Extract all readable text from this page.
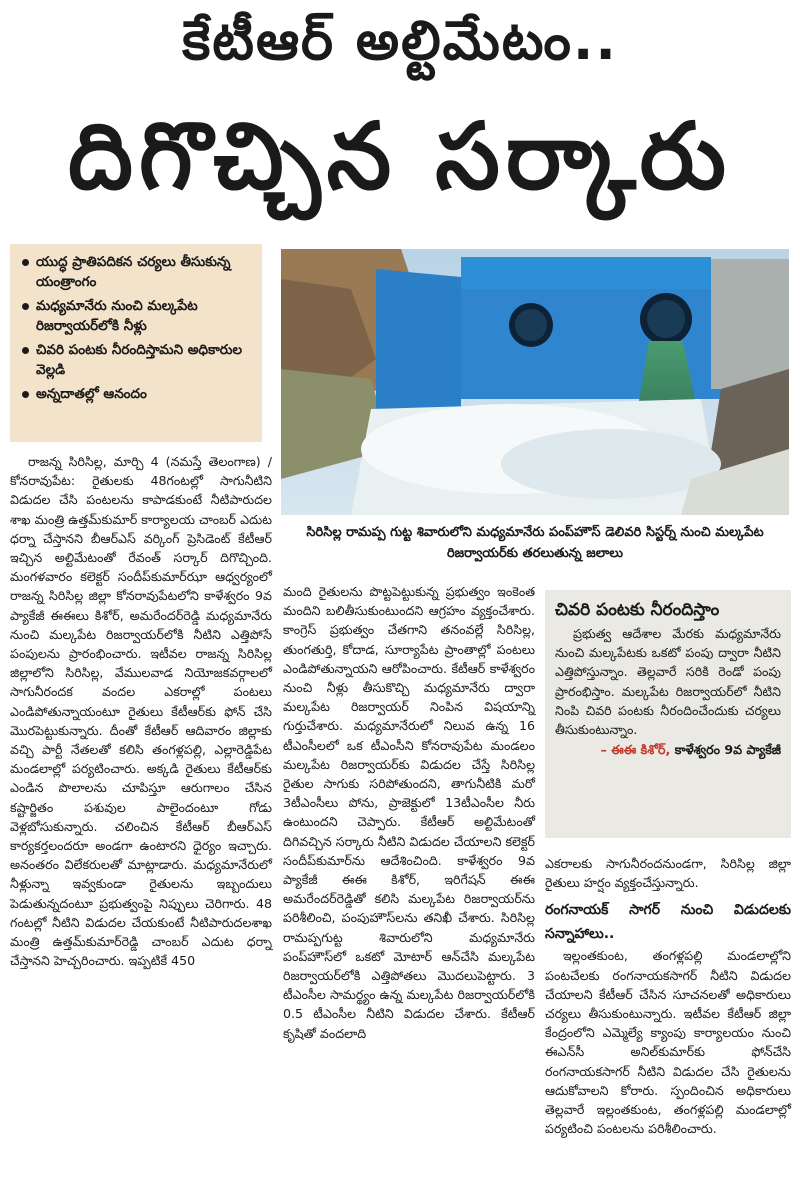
కేటీఆర్ అల్టిమేటం..
దిగొచ్చిన సర్కారు
యుద్ధ ప్రాతిపదికన చర్యలు తీసుకున్న యంత్రాంగం
మధ్యమానేరు నుంచి మల్కపేట రిజర్వాయర్‌లోకి నీళ్లు
చివరి పంటకు నీరందిస్తామని అధికారుల వెల్లడి
అన్నదాతల్లో ఆనందం
సిరిసిల్ల రామప్ప గుట్ట శివారులోని మధ్యమానేరు పంప్‌హౌస్ డెలివరి సిస్టర్న్ నుంచి మల్కపేట రిజర్వాయర్‌కు తరలుతున్న జలాలు

రాజన్న సిరిసిల్ల, మార్చి 4 (నమస్తే తెలంగాణ) / కోనరావుపేట: రైతులకు 48గంటల్లో సాగునీటిని విడుదల చేసి పంటలను కాపాడకుంటే నీటిపారుదల శాఖ మంత్రి ఉత్తమ్‌కుమార్ కార్యాలయ చాంబర్ ఎదుట ధర్నా చేస్తానని బీఆర్‌ఎస్ వర్కింగ్ ప్రెసిడెంట్ కేటీఆర్ ఇచ్చిన అల్టిమేటంతో రేవంత్ సర్కార్ దిగొచ్చింది. మంగళవారం కలెక్టర్ సందీప్‌కుమార్‌ఝా ఆధ్వర్యంలో రాజన్న సిరిసిల్ల జిల్లా కోనరావుపేటలోని కాళేశ్వరం 9వ ప్యాకేజీ ఈఈలు కిశోర్, అమరేందర్‌రెడ్డి మధ్యమానేరు నుంచి మల్కపేట రిజర్వాయర్‌లోకి నీటిని ఎత్తిపోసే పంపులను ప్రారంభించారు. ఇటీవల రాజన్న సిరిసిల్ల జిల్లాలోని సిరిసిల్ల, వేములవాడ నియోజకవర్గాలలో సాగునీరందక వందల ఎకరాల్లో పంటలు ఎండిపోతున్నాయంటూ రైతులు కేటీఆర్‌కు ఫోన్ చేసి మొరపెట్టుకున్నారు. దీంతో కేటీఆర్ ఆదివారం జిల్లాకు వచ్చి పార్టీ నేతలతో కలిసి తంగళ్లపల్లి, ఎల్లారెడ్డిపేట మండలాల్లో పర్యటించారు. అక్కడి రైతులు కేటీఆర్‌కు ఎండిన పొలాలను చూపిస్తూ ఆరుగాలం చేసిన కష్టార్జితం పశువుల పాలైందంటూ గోడు వెళ్లబోసుకున్నారు. చలించిన కేటీఆర్ బీఆర్‌ఎస్ కార్యకర్తలందరూ అండగా ఉంటారని ధైర్యం ఇచ్చారు. అనంతరం విలేకరులతో మాట్లాడారు. మధ్యమానేరులో నీళ్లున్నా ఇవ్వకుండా రైతులను ఇబ్బందులు పెడుతున్నదంటూ ప్రభుత్వంపై నిప్పులు చెరిగారు. 48 గంటల్లో నీటిని విడుదల చేయకుంటే నీటిపారుదలశాఖ మంత్రి ఉత్తమ్‌కుమార్‌రెడ్డి చాంబర్ ఎదుట ధర్నా చేస్తానని హెచ్చరించారు. ఇప్పటికే 450

మంది రైతులను పొట్టపెట్టుకున్న ప్రభుత్వం ఇంకెంత మందిని బలితీసుకుంటుందని ఆగ్రహం వ్యక్తంచేశారు. కాంగ్రెస్ ప్రభుత్వం చేతగాని తనంవల్లే సిరిసిల్ల, తుంగతుర్తి, కోదాడ, సూర్యాపేట ప్రాంతాల్లో పంటలు ఎండిపోతున్నాయని ఆరోపించారు. కేటీఆర్ కాళేశ్వరం నుంచి నీళ్లు తీసుకొచ్చి మధ్యమానేరు ద్వారా మల్కపేట రిజర్వాయర్ నింపిన విషయాన్ని గుర్తుచేశారు. మధ్యమానేరులో నిలువ ఉన్న 16 టీఎంసీలలో ఒక టీఎంసీని కోనరావుపేట మండలం మల్కపేట రిజర్వాయర్‌కు విడుదల చేస్తే సిరిసిల్ల రైతుల సాగుకు సరిపోతుందని, తాగునీటికి మరో 3టీఎంసీలు పోను, ప్రాజెక్టులో 13టీఎంసీల నీరు ఉంటుందని చెప్పారు. కేటీఆర్ అల్టిమేటంతో దిగివచ్చిన సర్కారు నీటిని విడుదల చేయాలని కలెక్టర్ సందీప్‌కుమార్‌ను ఆదేశించింది. కాళేశ్వరం 9వ ప్యాకేజీ ఈఈ కిశోర్, ఇరిగేషన్ ఈఈ అమరేందర్‌రెడ్డితో కలిసి మల్కపేట రిజర్వాయర్‌ను పరిశీలించి, పంపుహౌస్‌లను తనిఖీ చేశారు. సిరిసిల్ల రామప్పగుట్ట శివారులోని మధ్యమానేరు పంప్‌హౌస్‌లో ఒకటో మోటార్ ఆన్‌చేసి మల్కపేట రిజర్వాయర్‌లోకి ఎత్తిపోతలు మొదలుపెట్టారు. 3 టీఎంసీల సామర్థ్యం ఉన్న మల్కపేట రిజర్వాయర్‌లోకి 0.5 టీఎంసీల నీటిని విడుదల చేశారు. కేటీఆర్ కృషితో వందలాది

చివరి పంటకు నీరందిస్తాం
ప్రభుత్వ ఆదేశాల మేరకు మధ్యమానేరు నుంచి మల్కపేటకు ఒకటో పంపు ద్వారా నీటిని ఎత్తిపోస్తున్నాం. తెల్లవారే సరికి రెండో పంపు ప్రారంభిస్తాం. మల్కపేట రిజర్వాయర్‌లో నీటిని నింపి చివరి పంటకు నీరందించేందుకు చర్యలు తీసుకుంటున్నాం.
– ఈఈ కిశోర్, కాళేశ్వరం 9వ ప్యాకేజీ

ఎకరాలకు సాగునీరందనుండగా, సిరిసిల్ల జిల్లా రైతులు హర్షం వ్యక్తంచేస్తున్నారు.

రంగనాయక్ సాగర్ నుంచి విడుదలకు సన్నాహాలు..

ఇల్లంతకుంట, తంగళ్లపల్లి మండలాల్లోని పంటచేలకు రంగనాయకసాగర్ నీటిని విడుదల చేయాలని కేటీఆర్ చేసిన సూచనలతో అధికారులు చర్యలు తీసుకుంటున్నారు. ఇటీవల కేటీఆర్ జిల్లా కేంద్రంలోని ఎమ్మెల్యే క్యాంపు కార్యాలయం నుంచి ఈఎన్‌సీ అనిల్‌కుమార్‌కు ఫోన్‌చేసి రంగనాయకసాగర్ నీటిని విడుదల చేసి రైతులను ఆదుకోవాలని కోరారు. స్పందించిన అధికారులు తెల్లవారే ఇల్లంతకుంట, తంగళ్లపల్లి మండలాల్లో పర్యటించి పంటలను పరిశీలించారు.
